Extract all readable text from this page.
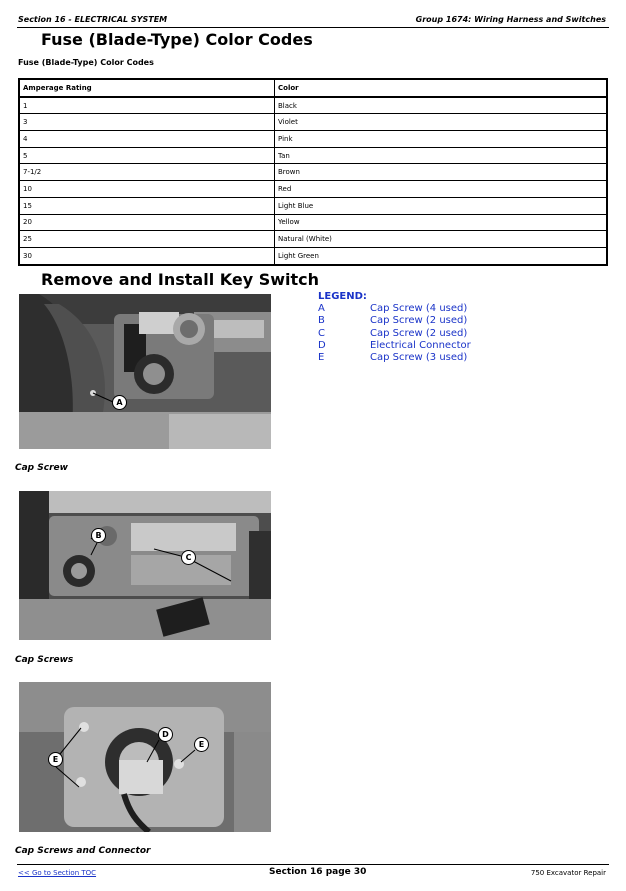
Section 16 - ELECTRICAL SYSTEM	Group 1674: Wiring Harness and Switches
Fuse (Blade-Type) Color Codes
Fuse (Blade-Type) Color Codes
Amperage Rating	Color
1	Black
3	Violet
4	Pink
5	Tan
7-1/2	Brown
10	Red
15	Light Blue
20	Yellow
25	Natural (White)
30	Light Green
Remove and Install Key Switch
A
Cap Screw
LEGEND:
A	Cap Screw (4 used)
B	Cap Screw (2 used)
C	Cap Screw (2 used)
D	Electrical Connector
E	Cap Screw (3 used)
B
C
Cap Screws
D
E
E
Cap Screws and Connector
<< Go to Section TOC	Section 16 page 30	750 Excavator Repair
